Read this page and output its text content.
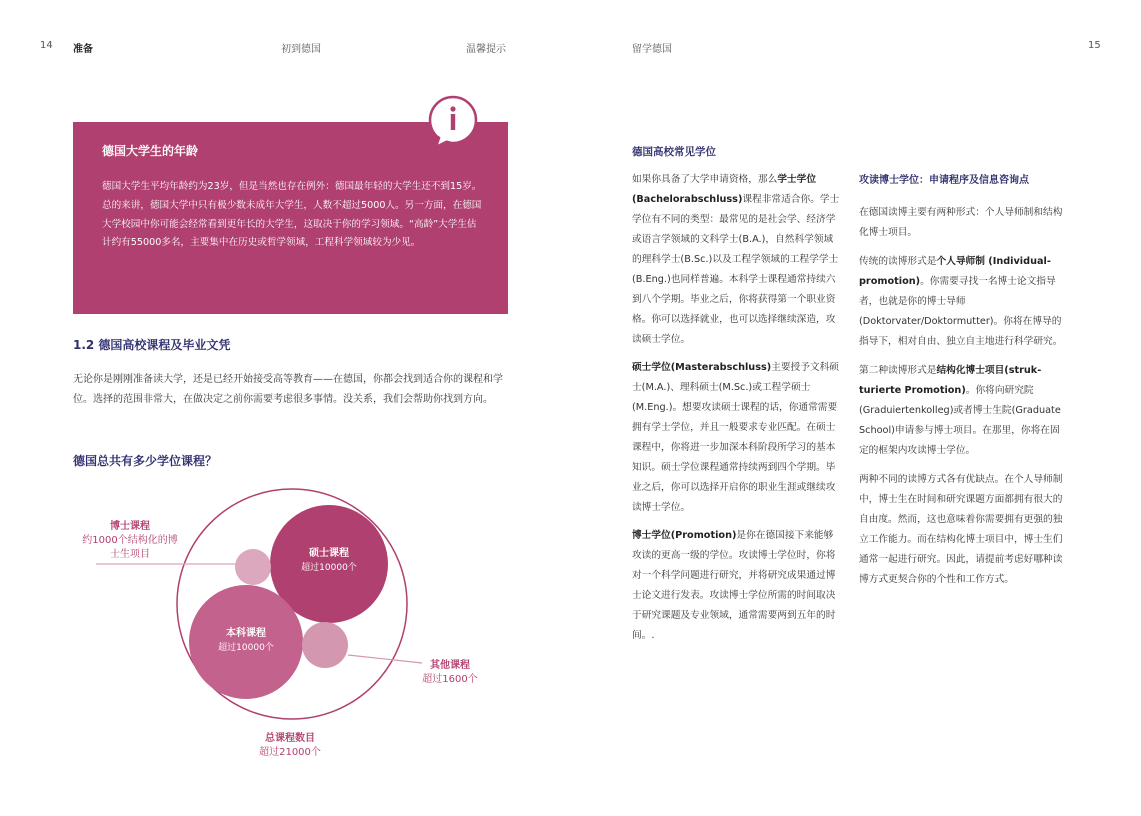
14 准备	初到德国	温馨提示	留学德国	15
德国大学生的年龄

德国大学生平均年龄约为23岁，但是当然也存在例外：德国最年轻的大学生还不到15岁。总的来讲，德国大学中只有极少数未成年大学生，人数不超过5000人。另一方面，在德国大学校园中你可能会经常看到更年长的大学生，这取决于你的学习领域。“高龄”大学生估计约有55000多名，主要集中在历史或哲学领域，工程科学领域较为少见。

1.2 德国高校课程及毕业文凭

无论你是刚刚准备读大学，还是已经开始接受高等教育——在德国，你都会找到适合你的课程和学位。选择的范围非常大，在做决定之前你需要考虑很多事情。没关系，我们会帮助你找到方向。

德国总共有多少学位课程？
硕士课程
超过10000个
本科课程
超过10000个
博士课程
约1000个结构化的博
士生项目
其他课程
超过1600个
总课程数目
超过21000个
德国高校常见学位

如果你具备了大学申请资格，那么学士学位(Bachelorabschluss)课程非常适合你。学士学位有不同的类型：最常见的是社会学、经济学或语言学领域的文科学士(B.A.)，自然科学领域的理科学士(B.Sc.)以及工程学领域的工程学学士(B.Eng.)也同样普遍。本科学士课程通常持续六到八个学期。毕业之后，你将获得第一个职业资格。你可以选择就业，也可以选择继续深造，攻读硕士学位。

硕士学位(Masterabschluss)主要授予文科硕士(M.A.)、理科硕士(M.Sc.)或工程学硕士(M.Eng.)。想要攻读硕士课程的话，你通常需要拥有学士学位，并且一般要求专业匹配。在硕士课程中，你将进一步加深本科阶段所学习的基本知识。硕士学位课程通常持续两到四个学期。毕业之后，你可以选择开启你的职业生涯或继续攻读博士学位。

博士学位(Promotion)是你在德国接下来能够攻读的更高一级的学位。攻读博士学位时，你将对一个科学问题进行研究，并将研究成果通过博士论文进行发表。攻读博士学位所需的时间取决于研究课题及专业领域，通常需要两到五年的时间。.

攻读博士学位：申请程序及信息咨询点

在德国读博主要有两种形式：个人导师制和结构化博士项目。

传统的读博形式是个人导师制 (Individual-promotion)。你需要寻找一名博士论文指导者，也就是你的博士导师(Doktorvater/Doktormutter)。你将在博导的指导下，相对自由、独立自主地进行科学研究。

第二种读博形式是结构化博士项目(struk-turierte Promotion)。你将向研究院(Graduiertenkolleg)或者博士生院(Graduate School)申请参与博士项目。在那里，你将在固定的框架内攻读博士学位。

两种不同的读博方式各有优缺点。在个人导师制中，博士生在时间和研究课题方面都拥有很大的自由度。然而，这也意味着你需要拥有更强的独立工作能力。而在结构化博士项目中，博士生们通常一起进行研究。因此，请提前考虑好哪种读博方式更契合你的个性和工作方式。
